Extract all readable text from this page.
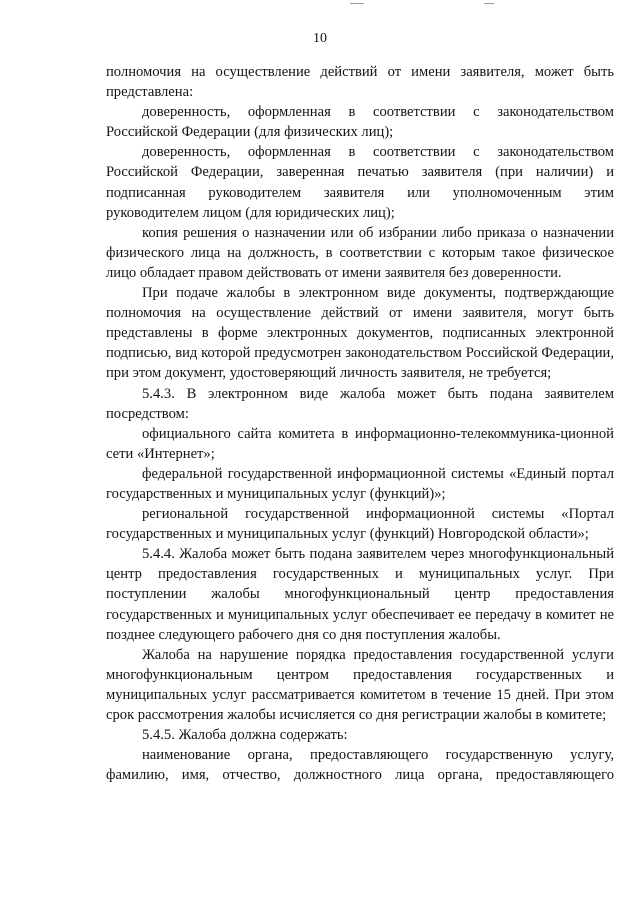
10

полномочия на осуществление действий от имени заявителя, может быть представлена:

доверенность, оформленная в соответствии с законодательством Российской Федерации (для физических лиц);

доверенность, оформленная в соответствии с законодательством Российской Федерации, заверенная печатью заявителя (при наличии) и подписанная руководителем заявителя или уполномоченным этим руководителем лицом (для юридических лиц);

копия решения о назначении или об избрании либо приказа о назначении физического лица на должность, в соответствии с которым такое физическое лицо обладает правом действовать от имени заявителя без доверенности.

При подаче жалобы в электронном виде документы, подтверждающие полномочия на осуществление действий от имени заявителя, могут быть представлены в форме электронных документов, подписанных электронной подписью, вид которой предусмотрен законодательством Российской Федерации, при этом документ, удостоверяющий личность заявителя, не требуется;

5.4.3. В электронном виде жалоба может быть подана заявителем посредством:

официального сайта комитета в информационно-телекоммуника-ционной сети «Интернет»;

федеральной государственной информационной системы «Единый портал государственных и муниципальных услуг (функций)»;

региональной государственной информационной системы «Портал государственных и муниципальных услуг (функций) Новгородской области»;

5.4.4. Жалоба может быть подана заявителем через многофункциональный центр предоставления государственных и муниципальных услуг. При поступлении жалобы многофункциональный центр предоставления государственных и муниципальных услуг обеспечивает ее передачу в комитет не позднее следующего рабочего дня со дня поступления жалобы.

Жалоба на нарушение порядка предоставления государственной услуги многофункциональным центром предоставления государственных и муниципальных услуг рассматривается комитетом в течение 15 дней. При этом срок рассмотрения жалобы исчисляется со дня регистрации жалобы в комитете;

5.4.5. Жалоба должна содержать:

наименование органа, предоставляющего государственную услугу, фамилию, имя, отчество, должностного лица органа, предоставляющего
